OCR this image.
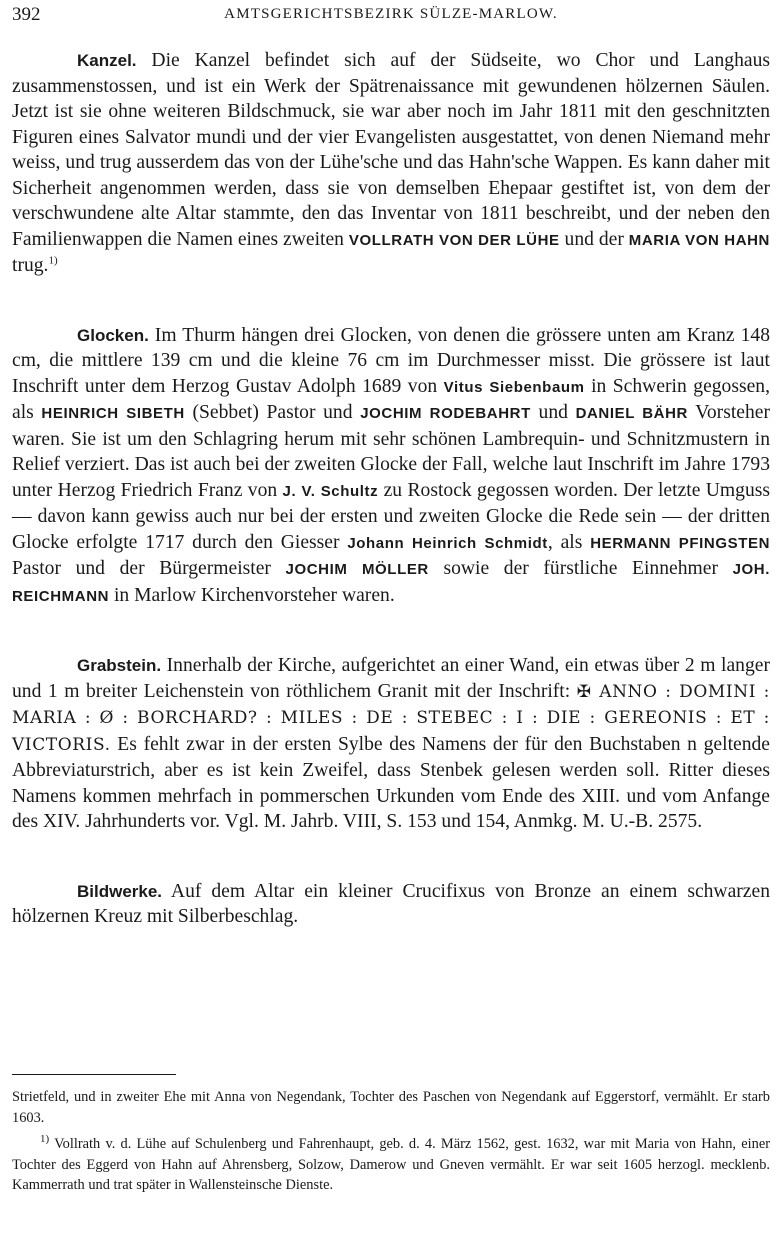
392	AMTSGERICHTSBEZIRK SÜLZE-MARLOW.

Kanzel. Die Kanzel befindet sich auf der Südseite, wo Chor und Langhaus zusammenstossen, und ist ein Werk der Spätrenaissance mit gewundenen hölzernen Säulen. Jetzt ist sie ohne weiteren Bildschmuck, sie war aber noch im Jahr 1811 mit den geschnitzten Figuren eines Salvator mundi und der vier Evangelisten ausgestattet, von denen Niemand mehr weiss, und trug ausserdem das von der Lühe'sche und das Hahn'sche Wappen. Es kann daher mit Sicherheit angenommen werden, dass sie von demselben Ehepaar gestiftet ist, von dem der verschwundene alte Altar stammte, den das Inventar von 1811 beschreibt, und der neben den Familienwappen die Namen eines zweiten VOLLRATH VON DER LÜHE und der MARIA VON HAHN trug.$^{1)}$

Glocken. Im Thurm hängen drei Glocken, von denen die grössere unten am Kranz 148 cm, die mittlere 139 cm und die kleine 76 cm im Durchmesser misst. Die grössere ist laut Inschrift unter dem Herzog Gustav Adolph 1689 von Vitus Siebenbaum in Schwerin gegossen, als HEINRICH SIBETH (Sebbet) Pastor und JOCHIM RODEBAHRT und DANIEL BÄHR Vorsteher waren. Sie ist um den Schlagring herum mit sehr schönen Lambrequin- und Schnitzmustern in Relief verziert. Das ist auch bei der zweiten Glocke der Fall, welche laut Inschrift im Jahre 1793 unter Herzog Friedrich Franz von J. V. Schultz zu Rostock gegossen worden. Der letzte Umguss — davon kann gewiss auch nur bei der ersten und zweiten Glocke die Rede sein — der dritten Glocke erfolgte 1717 durch den Giesser Johann Heinrich Schmidt, als HERMANN PFINGSTEN Pastor und der Bürgermeister JOCHIM MÖLLER sowie der fürstliche Einnehmer JOH. REICHMANN in Marlow Kirchenvorsteher waren.

Grabstein. Innerhalb der Kirche, aufgerichtet an einer Wand, ein etwas über 2 m langer und 1 m breiter Leichenstein von röthlichem Granit mit der Inschrift: ✠ ANNO : DOMINI : MARIA : Ø : BORCHARD? : MILES : DE : STEBEC : I : DIE : GEREONIS : ET : VICTORIS. Es fehlt zwar in der ersten Sylbe des Namens der für den Buchstaben n geltende Abbreviaturstrich, aber es ist kein Zweifel, dass Stenbek gelesen werden soll. Ritter dieses Namens kommen mehrfach in pommerschen Urkunden vom Ende des XIII. und vom Anfange des XIV. Jahrhunderts vor. Vgl. M. Jahrb. VIII, S. 153 und 154, Anmkg. M. U.-B. 2575.

Bildwerke. Auf dem Altar ein kleiner Crucifixus von Bronze an einem schwarzen hölzernen Kreuz mit Silberbeschlag.

Strietfeld, und in zweiter Ehe mit Anna von Negendank, Tochter des Paschen von Negendank auf Eggerstorf, vermählt. Er starb 1603.

$^{1)}$ Vollrath v. d. Lühe auf Schulenberg und Fahrenhaupt, geb. d. 4. März 1562, gest. 1632, war mit Maria von Hahn, einer Tochter des Eggerd von Hahn auf Ahrensberg, Solzow, Damerow und Gneven vermählt. Er war seit 1605 herzogl. mecklenb. Kammerrath und trat später in Wallensteinsche Dienste.
